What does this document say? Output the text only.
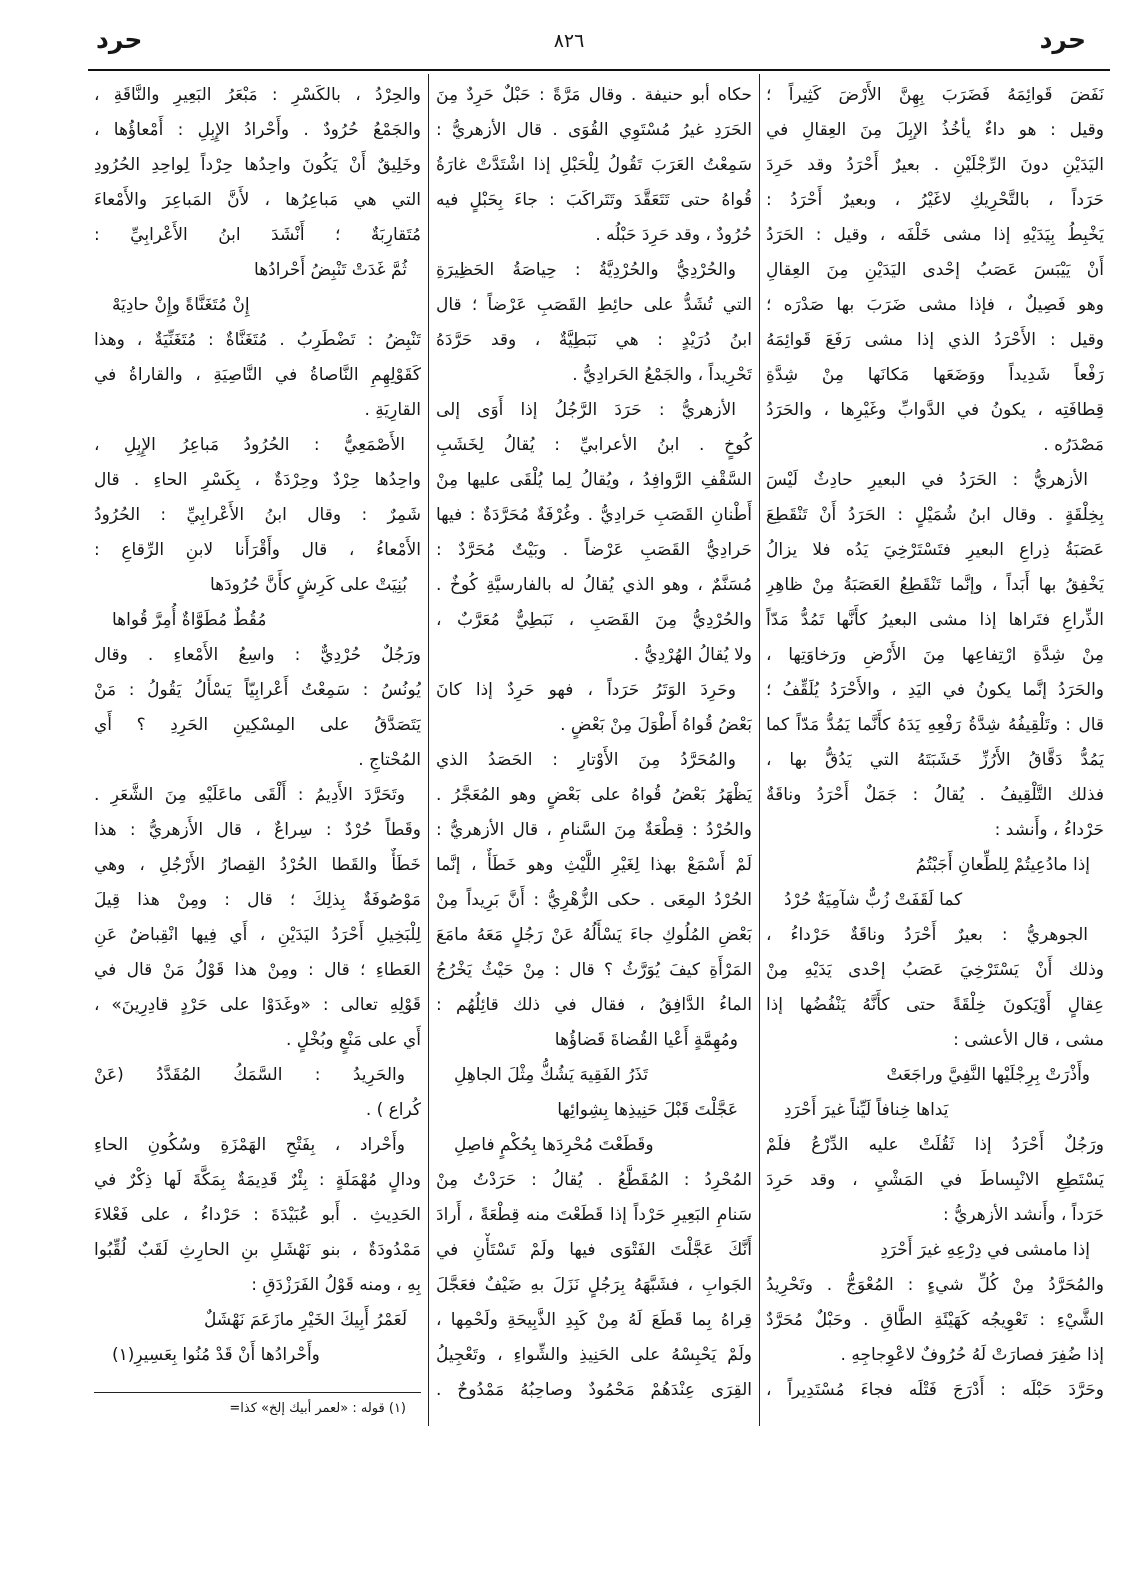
حرد
٨٢٦
حرد
نَفَضَ قَوائِمَهُ فَضَرَبَ بِهِنَّ الأَرْضَ كَثِيراً ؛
وقيل : هو داءٌ يأخُذُ الإبِلَ مِنَ العِقالِ في
اليَدَيْنِ دونَ الرِّجْلَيْنِ . بعيرٌ أَحْرَدُ وقد حَرِدَ
حَرَداً ، بالتَّحْرِيكِ لاغَيْرُ ، وبعيرٌ أَحْرَدُ :
يَخْبِطُ بِيَدَيْهِ إذا مشى خَلْفَه ، وقيل : الحَرَدُ
أَنْ يَيْبَسَ عَصَبُ إحْدى اليَدَيْنِ مِنَ العِقالِ
وهو فَصِيلٌ ، فإذا مشى ضَرَبَ بها صَدْرَه ؛
وقيل : الأَحْرَدُ الذي إذا مشى رَفَعَ قَوائِمَهُ
رَفْعاً شَدِيداً ووَضَعَها مَكانَها مِنْ شِدَّةِ
قِطافَتِه ، يكونُ في الدَّوابِّ وغَيْرِها ، والحَرَدُ
مَصْدَرُه .
الأزهريُّ : الحَرَدُ في البعيرِ حادِثٌ لَيْسَ
بِخِلْقَةٍ . وقال ابنُ شُمَيْلٍ : الحَرَدُ أَنْ تَنْقَطِعَ
عَصَبَةُ ذِراعِ البعيرِ فتَسْتَرْخِيَ يَدُه فلا يزالُ
يَخْفِقُ بها أَبَداً ، وإنَّما تَنْقَطِعُ العَصَبَةُ مِنْ ظاهِرِ
الذِّراعِ فتَراها إذا مشى البعيرُ كأَنَّها تَمُدُّ مَدّاً
مِنْ شِدَّةِ ارْتِفاعِها مِنَ الأَرْضِ ورَخاوَتِها ،
والحَرَدُ إنَّما يكونُ في اليَدِ ، والأَحْرَدُ يُلَقِّفُ ؛
قال : وتَلْقِيفُهُ شِدَّةُ رَفْعِهِ يَدَهُ كأَنَّما يَمُدُّ مَدّاً كما
يَمُدُّ دَقَّاقُ الأَرُزِّ خَشَبَتَهُ التي يَدُقُّ بها ،
فذلك التَّلْقِيفُ . يُقالُ : جَمَلٌ أَحْرَدُ وناقَةٌ
حَرْداءُ ، وأَنشد :
إذا مادُعِيتُمْ لِلطِّعانِ أَجَبْتُمُ
كما لَقَفَتْ زُبٌّ شآمِيَةٌ حُرْدُ
الجوهريُّ : بعيرٌ أَحْرَدُ وناقَةٌ حَرْداءُ ،
وذلك أَنْ يَسْتَرْخِيَ عَصَبُ إحْدى يَدَيْهِ مِنْ
عِقالٍ أَوْيَكونَ خِلْقَةً حتى كأَنَّهُ يَنْفُضُها إذا
مشى ، قال الأعشى :
وأَذْرَتْ بِرِجْلَيْها النَّفِيَّ وراجَعَتْ
يَداها خِنافاً لَيِّناً غيرَ أَحْرَدِ
ورَجُلٌ أَحْرَدُ إذا ثَقُلَتْ عليه الدِّرْعُ فلَمْ
يَسْتَطِعِ الانْبِساطَ في المَشْيِ ، وقد حَرِدَ
حَرَداً ، وأَنشد الأزهريُّ :
إذا مامشى في دِرْعِهِ غيرَ أَحْرَدِ
والمُحَرَّدُ مِنْ كُلِّ شيءٍ : المُعْوَجُّ . وتَحْرِيدُ
الشَّيْءِ : تَعْوِيجُه كَهَيْئَةِ الطَّاقِ . وحَبْلٌ مُحَرَّدٌ
إذا ضُفِرَ فصارَتْ لَهُ حُرُوفٌ لاعْوِجاجِهِ .
وحَرَّدَ حَبْلَه : أَدْرَجَ فَتْلَه فجاءَ مُسْتَدِيراً ،
حكاه أبو حنيفة . وقال مَرَّةً : حَبْلٌ حَرِدٌ مِنَ
الحَرَدِ غيرُ مُسْتَوِي القُوَى . قال الأزهريُّ :
سَمِعْتُ العَرَبَ تَقُولُ لِلْحَبْلِ إذا اشْتَدَّتْ غارَةُ
قُواهُ حتى تَتَعَقَّدَ وتَتَراكَبَ : جاءَ بِحَبْلٍ فيه
حُرُودٌ ، وقد حَرِدَ حَبْلُه .
والحُرْدِيُّ والحُرْدِيَّةُ : حِياصَةُ الحَظِيرَةِ
التي تُشَدُّ على حائِطِ القَصَبِ عَرْضاً ؛ قال
ابنُ دُرَيْدٍ : هي نَبَطِيَّةٌ ، وقد حَرَّدَهُ
تَحْرِيداً ، والجَمْعُ الحَرادِيُّ .
الأزهريُّ : حَرَدَ الرَّجُلُ إذا أَوَى إلى
كُوخٍ . ابنُ الأعرابيِّ : يُقالُ لِخَشَبِ
السَّقْفِ الرَّوافِدُ ، ويُقالُ لِما يُلْقَى عليها مِنْ
أَطْنانِ القَصَبِ حَرادِيُّ . وغُرْفَةٌ مُحَرَّدَةٌ : فيها
حَرادِيُّ القَصَبِ عَرْضاً . وبَيْتٌ مُحَرَّدٌ :
مُسَنَّمٌ ، وهو الذي يُقالُ له بالفارسيَّةِ كُوخٌ .
والحُرْدِيُّ مِنَ القَصَبِ ، نَبَطِيٌّ مُعَرَّبٌ ،
ولا يُقالُ الهُرْدِيُّ .
وحَرِدَ الوَتَرُ حَرَداً ، فهو حَرِدٌ إذا كانَ
بَعْضُ قُواهُ أَطْوَلَ مِنْ بَعْضٍ .
والمُحَرَّدُ مِنَ الأَوْتارِ : الحَصَدُ الذي
يَظْهَرُ بَعْضُ قُواهُ على بَعْضٍ وهو المُعَجَّرُ .
والحُرْدُ : قِطْعَةٌ مِنَ السَّنامِ ، قال الأزهريُّ :
لَمْ أَسْمَعْ بهذا لِغَيْرِ اللَّيْثِ وهو خَطَأٌ ، إنَّما
الحُرْدُ المِعَى . حكى الزُّهْرِيُّ : أَنَّ بَرِيداً مِنْ
بَعْضِ المُلُوكِ جاءَ يَسْأَلُهُ عَنْ رَجُلٍ مَعَهُ مامَعَ
المَرْأَةِ كيفَ يُوَرَّثُ ؟ قال : مِنْ حَيْثُ يَخْرُجُ
الماءُ الدَّافِقُ ، فقال في ذلك قائِلُهُم :
ومُهِمَّةٍ أَعْيا القُضاةَ قَضاؤُها
تَذَرُ الفَقِيهَ يَشُكُّ مِثْلَ الجاهِلِ
عَجَّلْتَ قَبْلَ حَنِيذِها بِشِوائِها
وقَطَعْتَ مُحْرِدَها بِحُكْمٍ فاصِلِ
المُحْرِدُ : المُقَطَّعُ . يُقالُ : حَرَدْتُ مِنْ
سَنامِ البَعِيرِ حَرْداً إذا قَطَعْتَ منه قِطْعَةً ، أَرادَ
أَنَّكَ عَجَّلْتَ الفَتْوَى فيها ولَمْ تَسْتَأْنِ في
الجَوابِ ، فشَبَّهَهُ بِرَجُلٍ نَزَلَ بهِ ضَيْفٌ فعَجَّلَ
قِراهُ بِما قَطَعَ لَهُ مِنْ كَبِدِ الذَّبِيحَةِ ولَحْمِها ،
ولَمْ يَحْبِسْهُ على الحَنِيذِ والشِّواءِ ، وتَعْجِيلُ
القِرَى عِنْدَهُمْ مَحْمُودٌ وصاحِبُهُ مَمْدُوحٌ .
والحِرْدُ ، بالكَسْرِ : مَبْعَرُ البَعِيرِ والنَّاقَةِ ،
والجَمْعُ حُرُودٌ . وأَحْرادُ الإِبِلِ : أَمْعاؤُها ،
وخَلِيقٌ أَنْ يَكُونَ واحِدُها حِرْداً لِواحِدِ الحُرُودِ
التي هي مَباعِرُها ، لأَنَّ المَباعِرَ والأَمْعاءَ
مُتَقارِبَةٌ ؛ أَنْشَدَ ابنُ الأَعْرابِيِّ :
ثُمَّ غَدَتْ تَنْبِضُ أَحْرادُها
إِنْ مُتَغَنَّاةً وإِنْ حادِيَهْ
تَنْبِضُ : تَضْطَرِبُ . مُتَغَنَّاةٌ : مُتَغَنِّيَةٌ ، وهذا
كَقَوْلِهِمِ النَّاصاةُ في النَّاصِيَةِ ، والقاراةُ في
القارِيَةِ .
الأَصْمَعِيُّ : الحُرُودُ مَباعِرُ الإِبِلِ ،
واحِدُها حِرْدٌ وحِرْدَةٌ ، بِكَسْرِ الحاءِ . قال
شَمِرٌ : وقال ابنُ الأَعْرابِيِّ : الحُرُودُ
الأَمْعاءُ ، قال وأَقْرَأَنا لابنِ الرِّقاعِ :
بُنِيَتْ على كَرِشٍ كأَنَّ حُرُودَها
مُقُطٌ مُطَوَّاةٌ أُمِرَّ قُواها
ورَجُلٌ حُرْدِيٌّ : واسِعُ الأَمْعاءِ . وقال
يُونُسُ : سَمِعْتُ أَعْرابِيّاً يَسْأَلُ يَقُولُ : مَنْ
يَتَصَدَّقُ على المِسْكِينِ الحَرِدِ ؟ أَي
المُحْتاجِ .
وتَحَرَّدَ الأَدِيمُ : أَلْقَى ماعَلَيْهِ مِنَ الشَّعَرِ .
وقَطاً حُرْدٌ : سِراعٌ ، قال الأَزهريُّ : هذا
خَطَأٌ والقَطا الحُرْدُ القِصارُ الأَرْجُلِ ، وهي
مَوْصُوفَةٌ بِذلِكَ ؛ قال : ومِنْ هذا قِيلَ
لِلْبَخِيلِ أَحْرَدُ اليَدَيْنِ ، أَي فِيها انْقِباضٌ عَنِ
العَطاءِ ؛ قال : ومِنْ هذا قَوْلُ مَنْ قال في
قَوْلِهِ تعالى : «وغَدَوْا على حَرْدٍ قادِرِينَ» ،
أَي على مَنْعٍ وبُخْلٍ .
والحَرِيدُ : السَّمَكُ المُقَدَّدُ (عَنْ
كُراع ) .
وأَحْراد ، بِفَتْحِ الهَمْزَةِ وسُكُونِ الحاءِ
ودالٍ مُهْمَلَةٍ : بِئْرٌ قَدِيمَةٌ بِمَكَّةَ لَها ذِكْرٌ في
الحَدِيثِ . أَبو عُبَيْدَةَ : حَرْداءُ ، على فَعْلاءَ
مَمْدُودَةٌ ، بنو نَهْشَلِ بنِ الحارِثِ لَقَبٌ لُقِّبُوا
بِهِ ، ومنه قَوْلُ الفَرَزْدَقِ :
لَعَمْرُ أَبِيكَ الخَيْرِ مازَعَمَ نَهْشَلٌ
وأَحْرادُها أَنْ قَدْ مُنُوا بِعَسِيرِ(١)
(١) قوله : «لعمر أبيك إلخ» كذا=
